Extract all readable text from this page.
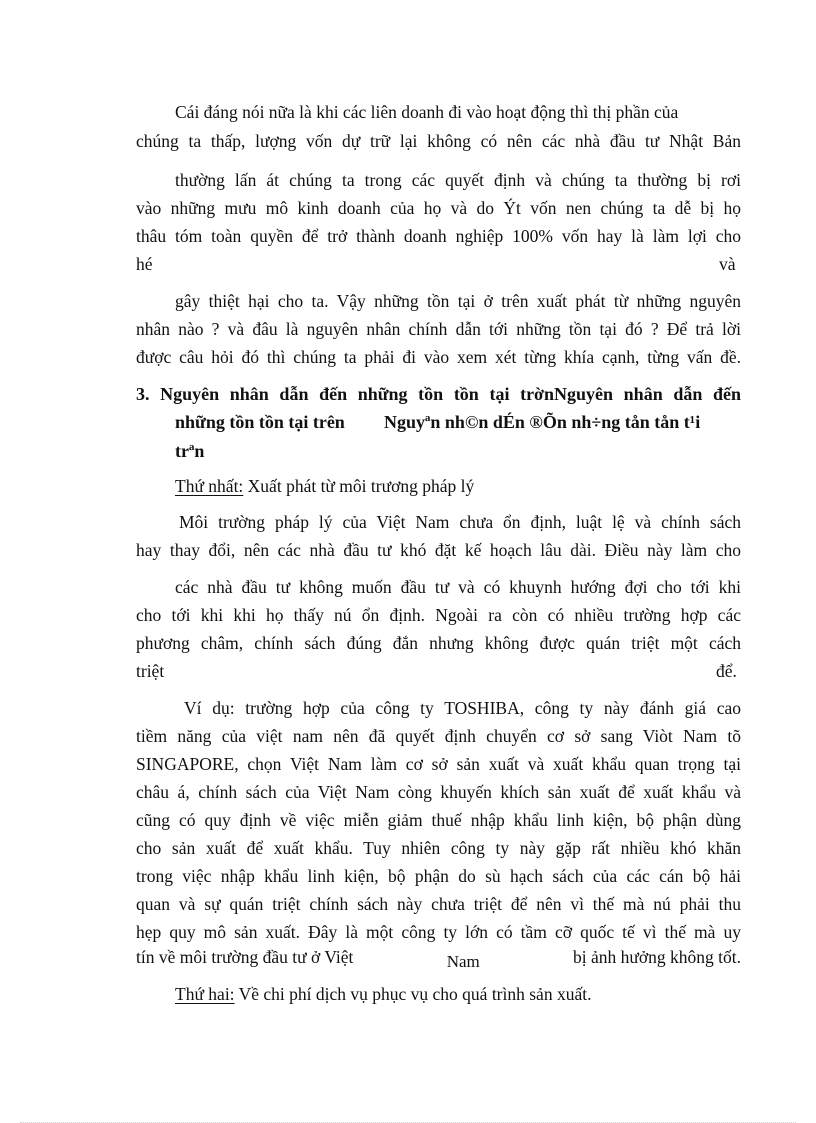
Cái đáng nói nữa là khi các liên doanh đi vào hoạt động thì thị phần của
chúng ta thấp, lượng vốn dự trữ lại không có nên các nhà đầu tư Nhật Bản
thường lấn át chúng ta trong các quyết định và chúng ta thường bị rơi
vào những mưu mô kinh doanh của họ và do Ýt vốn nen chúng ta dễ bị họ
thâu tóm toàn quyền để trở thành doanh nghiệp 100% vốn hay là làm lợi cho
hé	và
gây thiệt hại cho ta. Vậy những tồn tại ở trên xuất phát từ những nguyên
nhân nào ? và đâu là nguyên nhân chính dẫn tới những tồn tại đó ? Để trả lời
được câu hỏi đó thì chúng ta phải đi vào xem xét từng khía cạnh, từng vấn đề.
3. Nguyên nhân dẫn đến những tồn tồn tại trờnNguyên nhân dẫn đến
những tồn tồn tại trên Nguyªn nh©n dÉn ®Õn nh÷ng tån tån t¹i
trªn
Thứ nhất: Xuất phát từ môi trương pháp lý
Môi trường pháp lý của Việt Nam chưa ổn định, luật lệ và chính sách
hay thay đổi, nên các nhà đầu tư khó đặt kế hoạch lâu dài. Điều này làm cho
các nhà đầu tư không muốn đầu tư và có khuynh hướng đợi cho tới khi
cho tới khi khi họ thấy nú ổn định. Ngoài ra còn có nhiều trường hợp các
phương châm, chính sách đúng đắn nhưng không được quán triệt một cách
triệt	để.
Ví dụ: trường hợp của công ty TOSHIBA, công ty này đánh giá cao
tiềm năng của việt nam nên đã quyết định chuyển cơ sở sang Viòt Nam tõ
SINGAPORE, chọn Việt Nam làm cơ sở sản xuất và xuất khẩu quan trọng tại
châu á, chính sách của Việt Nam còng khuyến khích sản xuất để xuất khẩu và
cũng có quy định về việc miễn giảm thuế nhập khẩu linh kiện, bộ phận dùng
cho sản xuất để xuất khẩu. Tuy nhiên công ty này gặp rất nhiều khó khăn
trong việc nhập khẩu linh kiện, bộ phận do sù hạch sách của các cán bộ hải
quan và sự quán triệt chính sách này chưa triệt để nên vì thế mà nú phải thu
hẹp quy mô sản xuất. Đây là một công ty lớn có tầm cỡ quốc tế vì thế mà uy
tín về môi trường đầu tư ở Việt	Nam	bị ảnh hưởng không tốt.
Thứ hai: Về chi phí dịch vụ phục vụ cho quá trình sản xuất.
